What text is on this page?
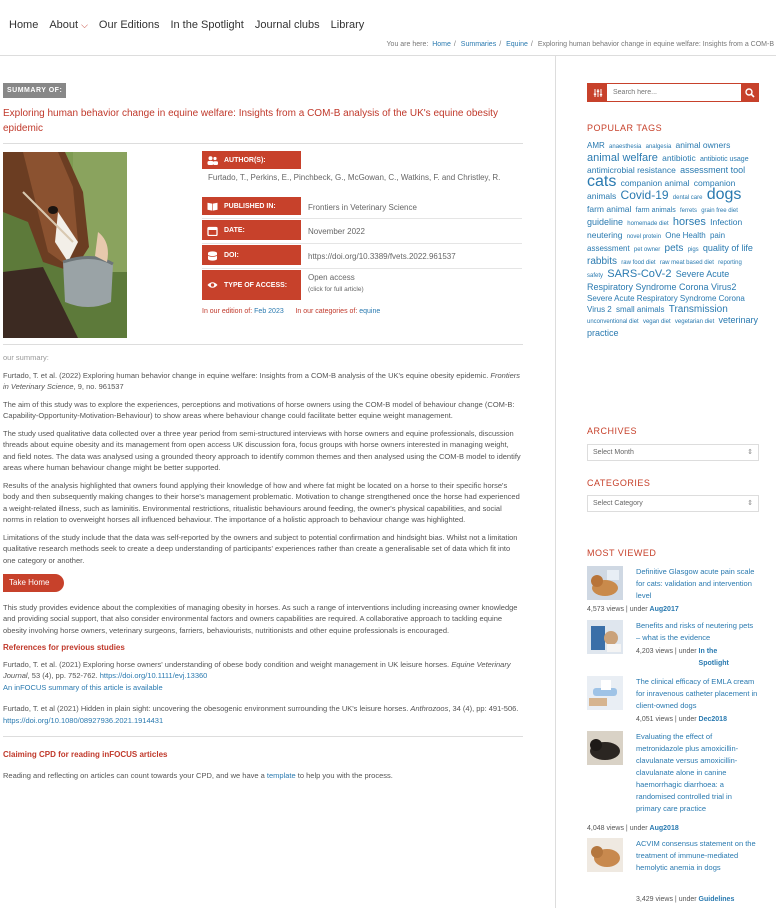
Home About ⌵ Our Editions In the Spotlight Journal clubs Library
You are here: Home / Summaries / Equine / Exploring human behavior change in equine welfare: Insights from a COM-B
SUMMARY OF:
Exploring human behavior change in equine welfare: Insights from a COM-B analysis of the UK's equine obesity epidemic
AUTHOR(S):
Furtado, T., Perkins, E., Pinchbeck, G., McGowan, C., Watkins, F. and Christley, R.
PUBLISHED IN:	Frontiers in Veterinary Science
DATE:	November 2022
DOI:	https://doi.org/10.3389/fvets.2022.961537
TYPE OF ACCESS:
Open access
(click for full article)
In our edition of: Feb 2023 In our categories of: equine

our summary:

Furtado, T. et al. (2022) Exploring human behavior change in equine welfare: Insights from a COM-B analysis of the UK's equine obesity epidemic. Frontiers in Veterinary Science, 9, no. 961537

The aim of this study was to explore the experiences, perceptions and motivations of horse owners using the COM-B model of behaviour change (COM-B: Capability-Opportunity-Motivation-Behaviour) to show areas where behaviour change could facilitate better equine weight management.

The study used qualitative data collected over a three year period from semi-structured interviews with horse owners and equine professionals, discussion threads about equine obesity and its management from open access UK discussion fora, focus groups with horse owners interested in managing weight, and field notes. The data was analysed using a grounded theory approach to identify common themes and then analysed using the COM-B model to identify areas where human behaviour change might be better supported.

Results of the analysis highlighted that owners found applying their knowledge of how and where fat might be located on a horse to their specific horse's body and then subsequently making changes to their horse's management problematic. Motivation to change strengthened once the horse had experienced a weight-related illness, such as laminitis. Environmental restrictions, ritualistic behaviours around feeding, the owner's physical capabilities, and social norms in relation to overweight horses all influenced behaviour. The importance of a holistic approach to behaviour change was highlighted.

Limitations of the study include that the data was self-reported by the owners and subject to potential confirmation and hindsight bias. Whilst not a limitation qualitative research methods seek to create a deep understanding of participants' experiences rather than create a generalisable set of data which fit into one category or another.

Take Home

This study provides evidence about the complexities of managing obesity in horses. As such a range of interventions including increasing owner knowledge and providing social support, that also consider environmental factors and owners capabilities are required. A collaborative approach to tackling equine obesity involving horse owners, veterinary surgeons, farriers, behaviourists, nutritionists and other equine professionals is encouraged.

References for previous studies

Furtado, T. et al. (2021) Exploring horse owners' understanding of obese body condition and weight management in UK leisure horses. Equine Veterinary Journal, 53 (4), pp. 752-762. https://doi.org/10.1111/evj.13360

An inFOCUS summary of this article is available

Furtado, T. et al (2021) Hidden in plain sight: uncovering the obesogenic environment surrounding the UK's leisure horses. Anthrozoos, 34 (4), pp: 491-506. https://doi.org/10.1080/08927936.2021.1914431

Claiming CPD for reading inFOCUS articles

Reading and reflecting on articles can count towards your CPD, and we have a template to help you with the process.

Search here...
POPULAR TAGS
AMR anaesthesia analgesia animal owners animal welfare antibiotic antibiotic usage antimicrobial resistance assessment tool cats companion animal companion animals Covid-19 dental care dogs farm animal farm animals ferrets grain free diet guideline homemade diet horses Infection neutering novel protein One Health pain assessment pet owner pets pigs quality of life rabbits raw food diet raw meat based diet reporting safety SARS-CoV-2 Severe Acute Respiratory Syndrome Corona Virus2 Severe Acute Respiratory Syndrome Corona Virus 2 small animals Transmission unconventional diet vegan diet vegetarian diet veterinary practice
ARCHIVES
Select Month	⇕
CATEGORIES
Select Category	⇕
MOST VIEWED
Definitive Glasgow acute pain scale for cats: validation and intervention level
4,573 views | under Aug2017
Benefits and risks of neutering pets – what is the evidence
4,203 views | under In the Spotlight
The clinical efficacy of EMLA cream for inravenous catheter placement in client-owned dogs
4,051 views | under Dec2018
Evaluating the effect of metronidazole plus amoxicillin-clavulanate versus amoxicillin-clavulanate alone in canine haemorrhagic diarrhoea: a randomised controlled trial in primary care practice
4,048 views | under Aug2018
ACVIM consensus statement on the treatment of immune-mediated hemolytic anemia in dogs
3,429 views | under Guidelines
